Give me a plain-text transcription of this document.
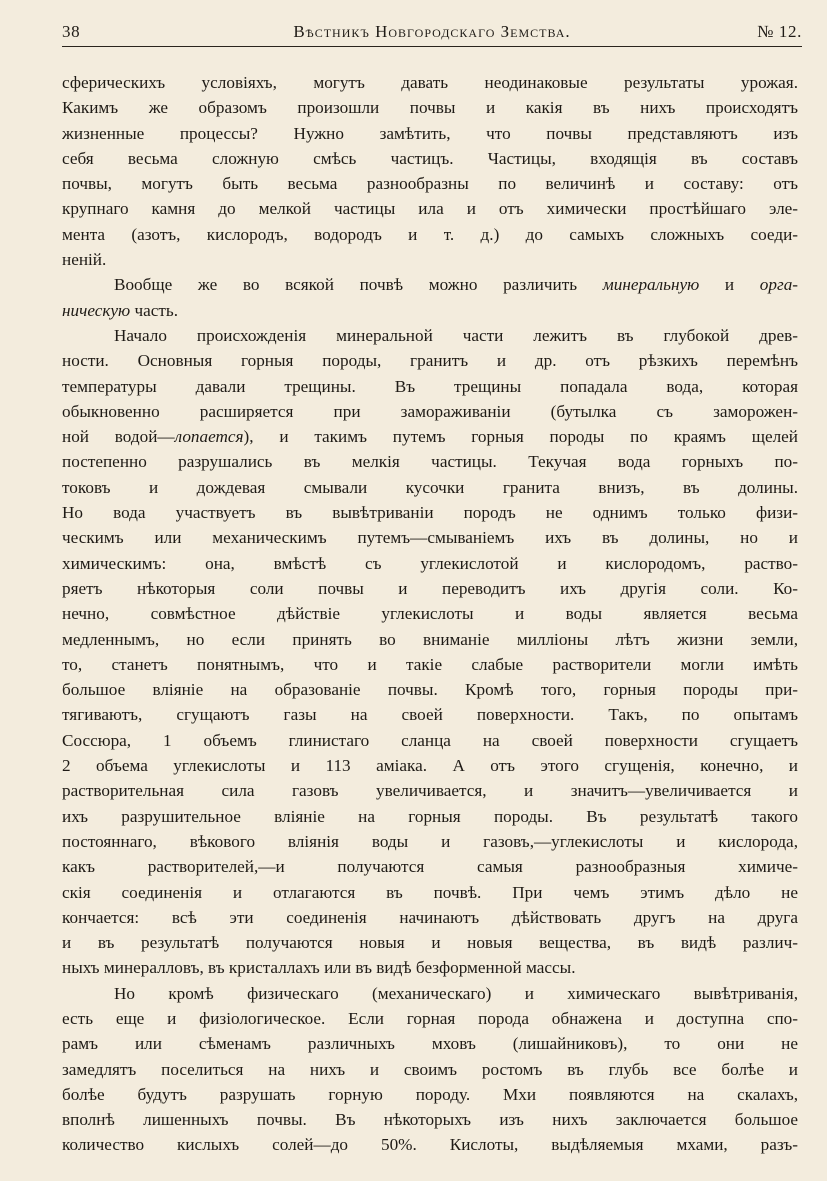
38	Вѣстникъ Новгородскаго Земства.	№ 12.
сферическихъ условіяхъ, могутъ давать неодинаковые результаты урожая.
Какимъ же образомъ произошли почвы и какія въ нихъ происходятъ
жизненные процессы? Нужно замѣтить, что почвы представляютъ изъ
себя весьма сложную смѣсь частицъ. Частицы, входящія въ составъ
почвы, могутъ быть весьма разнообразны по величинѣ и составу: отъ
крупнаго камня до мелкой частицы ила и отъ химически простѣйшаго эле-
мента (азотъ, кислородъ, водородъ и т. д.) до самыхъ сложныхъ соеди-
неній.
Вообще же во всякой почвѣ можно различить минеральную и орга-
ническую часть.
Начало происхожденія минеральной части лежитъ въ глубокой древ-
ности. Основныя горныя породы, гранитъ и др. отъ рѣзкихъ перемѣнъ
температуры давали трещины. Въ трещины попадала вода, которая
обыкновенно расширяется при замораживаніи (бутылка съ заморожен-
ной водой—лопается), и такимъ путемъ горныя породы по краямъ щелей
постепенно разрушались въ мелкія частицы. Текучая вода горныхъ по-
токовъ и дождевая смывали кусочки гранита внизъ, въ долины.
Но вода участвуетъ въ вывѣтриваніи породъ не однимъ только физи-
ческимъ или механическимъ путемъ—смываніемъ ихъ въ долины, но и
химическимъ: она, вмѣстѣ съ углекислотой и кислородомъ, раство-
ряетъ нѣкоторыя соли почвы и переводитъ ихъ другія соли. Ко-
нечно, совмѣстное дѣйствіе углекислоты и воды является весьма
медленнымъ, но если принять во вниманіе милліоны лѣтъ жизни земли,
то, станетъ понятнымъ, что и такіе слабые растворители могли имѣть
большое вліяніе на образованіе почвы. Кромѣ того, горныя породы при-
тягиваютъ, сгущаютъ газы на своей поверхности. Такъ, по опытамъ
Соссюра, 1 объемъ глинистаго сланца на своей поверхности сгущаетъ
2 объема углекислоты и 113 аміака. А отъ этого сгущенія, конечно, и
растворительная сила газовъ увеличивается, и значитъ—увеличивается и
ихъ разрушительное вліяніе на горныя породы. Въ результатѣ такого
постояннаго, вѣкового вліянія воды и газовъ,—углекислоты и кислорода,
какъ растворителей,—и получаются самыя разнообразныя химиче-
скія соединенія и отлагаются въ почвѣ. При чемъ этимъ дѣло не
кончается: всѣ эти соединенія начинаютъ дѣйствовать другъ на друга
и въ результатѣ получаются новыя и новыя вещества, въ видѣ различ-
ныхъ минералловъ, въ кристаллахъ или въ видѣ безформенной массы.
Но кромѣ физическаго (механическаго) и химическаго вывѣтриванія,
есть еще и физіологическое. Если горная порода обнажена и доступна спо-
рамъ или сѣменамъ различныхъ мховъ (лишайниковъ), то они не
замедлятъ поселиться на нихъ и своимъ ростомъ въ глубь все болѣе и
болѣе будутъ разрушать горную породу. Мхи появляются на скалахъ,
вполнѣ лишенныхъ почвы. Въ нѣкоторыхъ изъ нихъ заключается большое
количество кислыхъ солей—до 50%. Кислоты, выдѣляемыя мхами, разъ-
